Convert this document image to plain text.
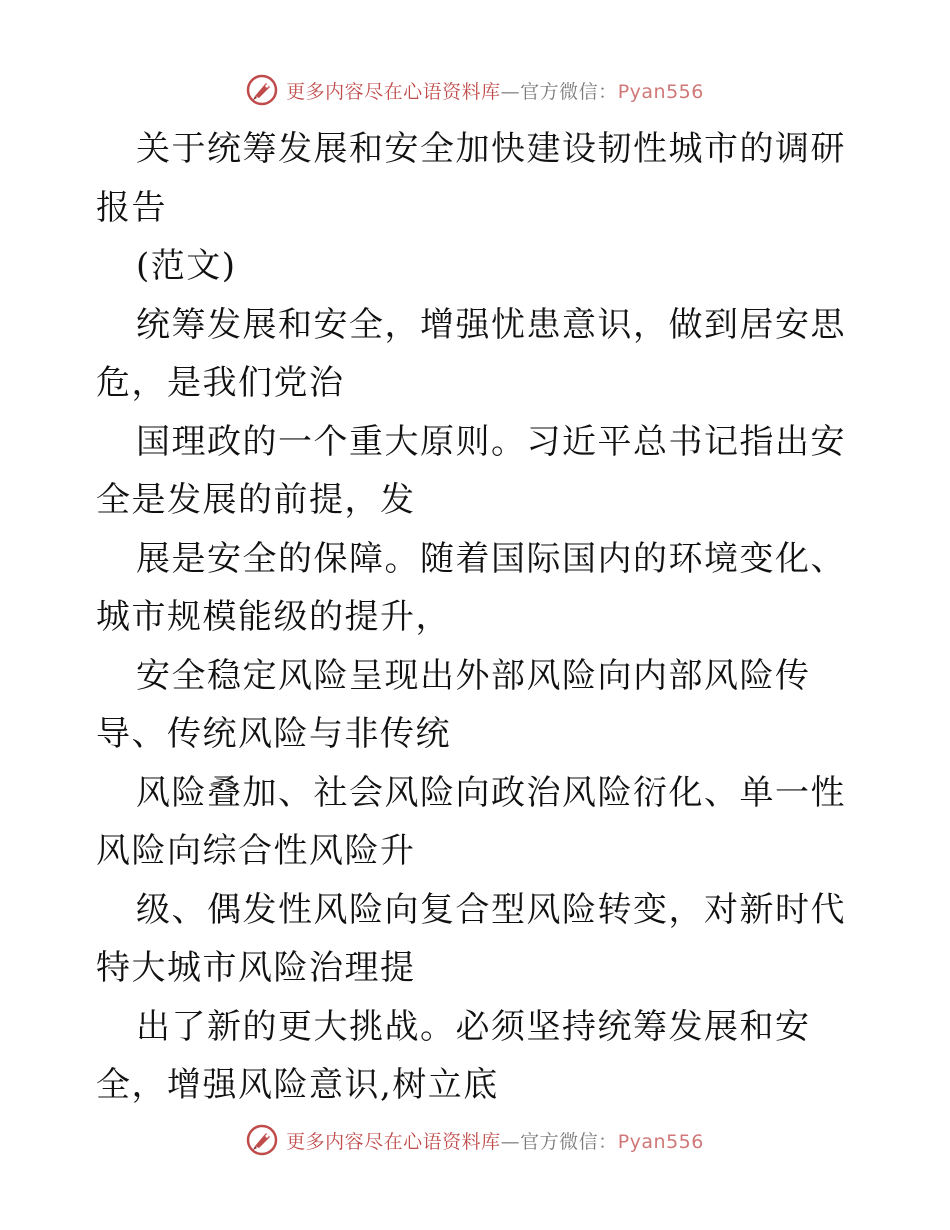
更多内容尽在心语资料库—官方微信：Pyan556

关于统筹发展和安全加快建设韧性城市的调研报告

(范文)

统筹发展和安全，增强忧患意识，做到居安思危，是我们党治

国理政的一个重大原则。习近平总书记指出安全是发展的前提，发

展是安全的保障。随着国际国内的环境变化、城市规模能级的提升，

安全稳定风险呈现出外部风险向内部风险传导、传统风险与非传统

风险叠加、社会风险向政治风险衍化、单一性风险向综合性风险升

级、偶发性风险向复合型风险转变，对新时代特大城市风险治理提

出了新的更大挑战。必须坚持统筹发展和安全，增强风险意识,树立底

更多内容尽在心语资料库—官方微信：Pyan556
